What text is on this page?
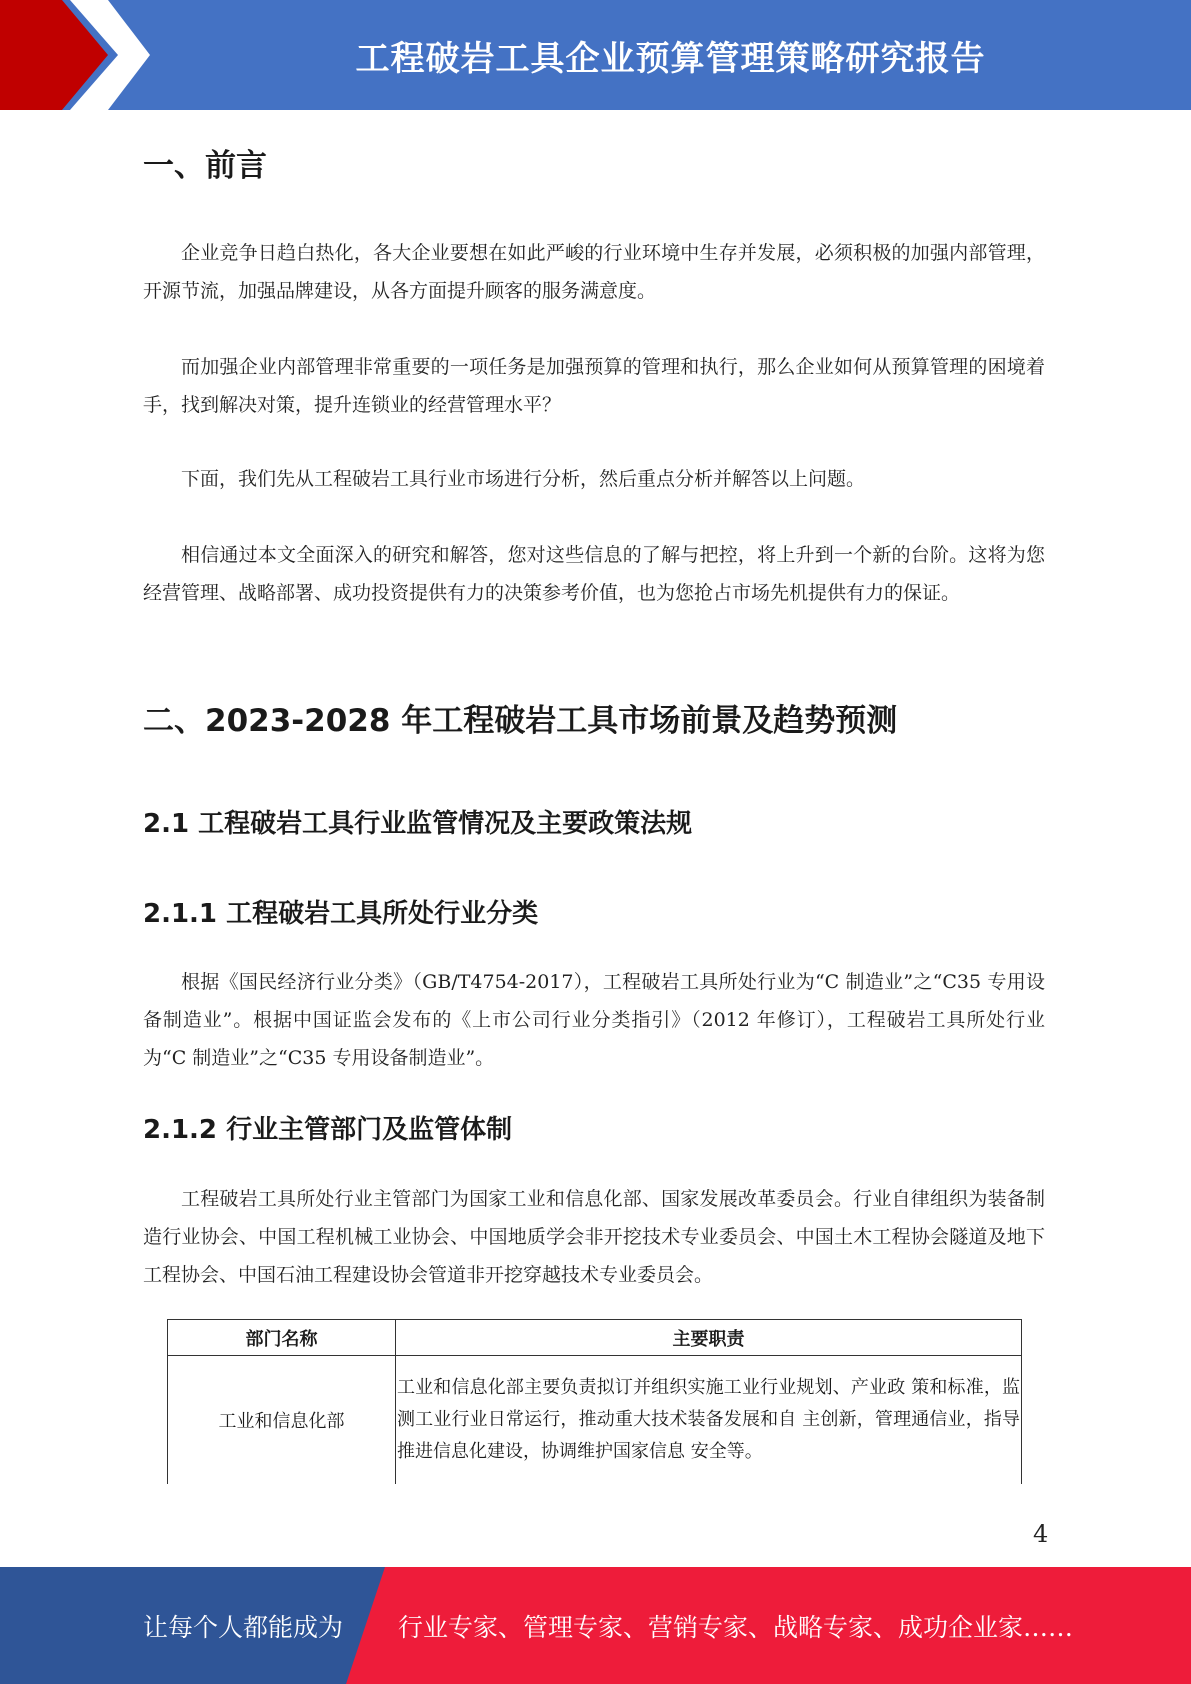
工程破岩工具企业预算管理策略研究报告
一、前言

企业竞争日趋白热化，各大企业要想在如此严峻的行业环境中生存并发展，必须积极的加强内部管理，开源节流，加强品牌建设，从各方面提升顾客的服务满意度。

而加强企业内部管理非常重要的一项任务是加强预算的管理和执行，那么企业如何从预算管理的困境着手，找到解决对策，提升连锁业的经营管理水平？

下面，我们先从工程破岩工具行业市场进行分析，然后重点分析并解答以上问题。

相信通过本文全面深入的研究和解答，您对这些信息的了解与把控，将上升到一个新的台阶。这将为您经营管理、战略部署、成功投资提供有力的决策参考价值，也为您抢占市场先机提供有力的保证。

二、2023-2028 年工程破岩工具市场前景及趋势预测
2.1 工程破岩工具行业监管情况及主要政策法规
2.1.1 工程破岩工具所处行业分类

根据《国民经济行业分类》（GB/T4754-2017），工程破岩工具所处行业为“C 制造业”之“C35 专用设备制造业”。根据中国证监会发布的《上市公司行业分类指引》（2012 年修订），工程破岩工具所处行业为“C 制造业”之“C35 专用设备制造业”。

2.1.2 行业主管部门及监管体制

工程破岩工具所处行业主管部门为国家工业和信息化部、国家发展改革委员会。行业自律组织为装备制造行业协会、中国工程机械工业协会、中国地质学会非开挖技术专业委员会、中国土木工程协会隧道及地下工程协会、中国石油工程建设协会管道非开挖穿越技术专业委员会。

部门名称	主要职责
工业和信息化部	工业和信息化部主要负责拟订并组织实施工业行业规划、产业政 策和标准，监测工业行业日常运行，推动重大技术装备发展和自 主创新，管理通信业，指导推进信息化建设，协调维护国家信息 安全等。
4
让每个人都能成为 行业专家、管理专家、营销专家、战略专家、成功企业家……
